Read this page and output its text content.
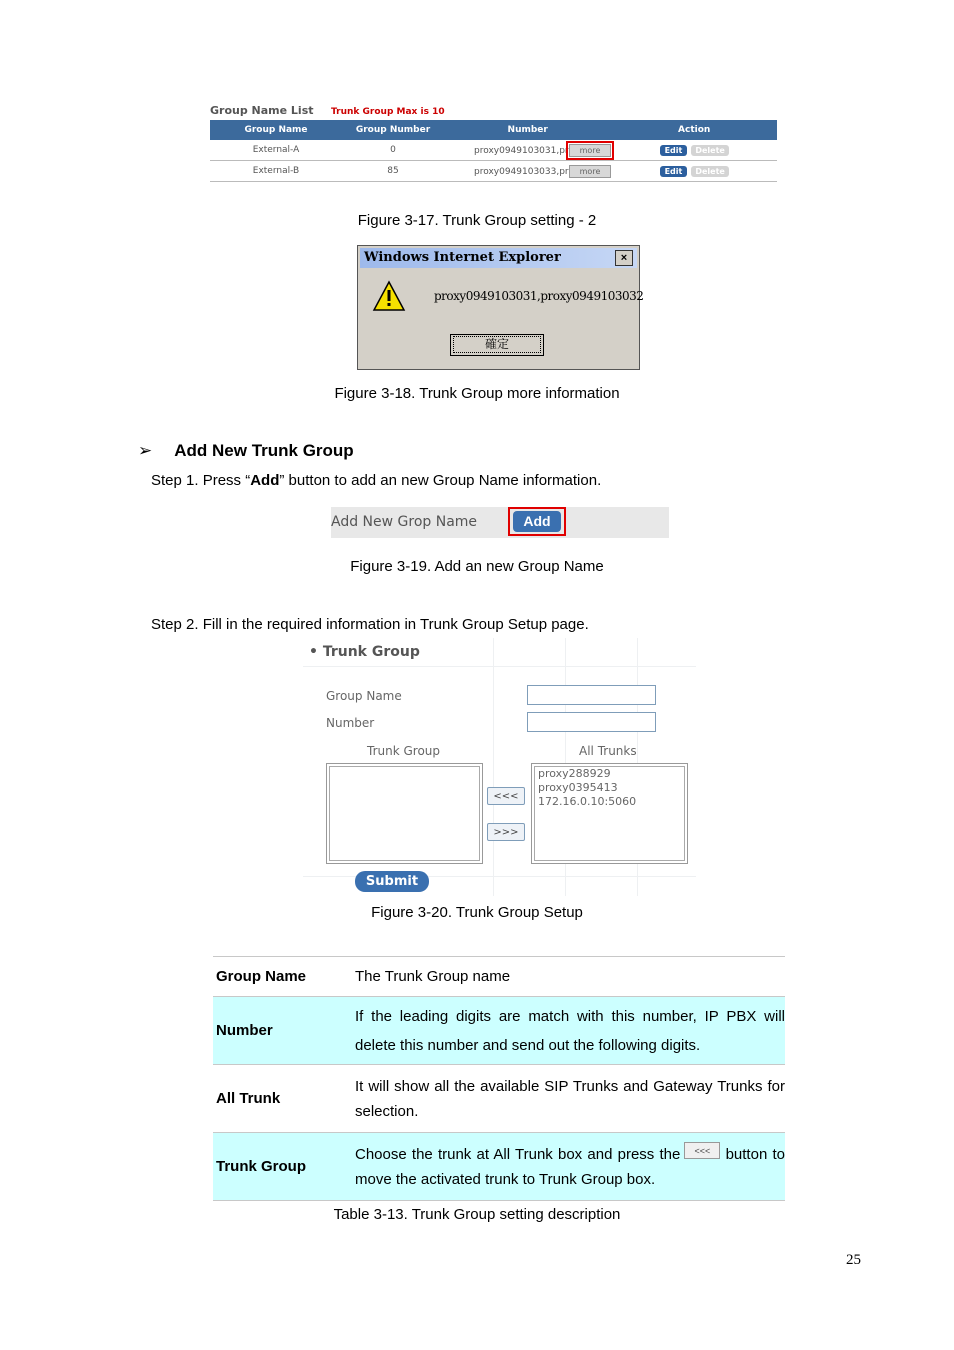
Group Name List Trunk Group Max is 10
Group Name	Group Number	Number	Action
External-A	0	proxy0949103031,pr more	Edit Delete
External-B	85	proxy0949103033,pr more	Edit Delete
Figure 3-17. Trunk Group setting - 2
Windows Internet Explorer	×
proxy0949103031,proxy0949103032
確定
Figure 3-18. Trunk Group more information
➢ Add New Trunk Group
Step 1. Press “Add” button to add an new Group Name information.
Add New Grop Name	Add
Figure 3-19. Add an new Group Name
Step 2. Fill in the required information in Trunk Group Setup page.
• Trunk Group
Group Name
Number
Trunk Group	All Trunks
<<<
>>>
proxy288929
proxy0395413
172.16.0.10:5060
Submit
Figure 3-20. Trunk Group Setup
Group Name	The Trunk Group name
Number	If the leading digits are match with this number, IP PBX will delete this number and send out the following digits.
All Trunk	It will show all the available SIP Trunks and Gateway Trunks for selection.
Trunk Group	Choose the trunk at All Trunk box and press the <<< button to move the activated trunk to Trunk Group box.
Table 3-13. Trunk Group setting description
25
